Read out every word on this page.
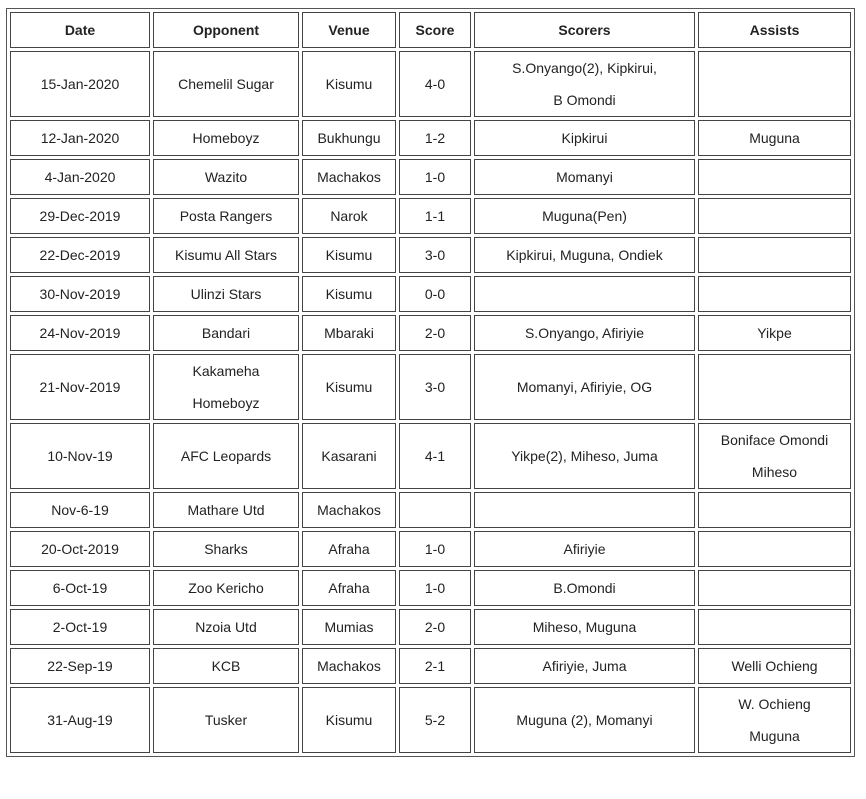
Date	Opponent	Venue	Score	Scorers	Assists
15-Jan-2020	Chemelil Sugar	Kisumu	4-0	S.Onyango(2), Kipkirui,
B Omondi	

12-Jan-2020	Homeboyz	Bukhungu	1-2	Kipkirui	Muguna

4-Jan-2020	Wazito	Machakos	1-0	Momanyi	

29-Dec-2019	Posta Rangers	Narok	1-1	Muguna(Pen)	

22-Dec-2019	Kisumu All Stars	Kisumu	3-0	Kipkirui, Muguna, Ondiek	

30-Nov-2019	Ulinzi Stars	Kisumu	0-0		
24-Nov-2019	Bandari	Mbaraki	2-0	S.Onyango, Afiriyie	Yikpe

21-Nov-2019	Kakameha
Homeboyz	Kisumu	3-0	Momanyi, Afiriyie, OG	

10-Nov-19	AFC Leopards	Kasarani	4-1	Yikpe(2), Miheso, Juma	Boniface Omondi
Miheso

Nov-6-19	Mathare Utd	Machakos			
20-Oct-2019	Sharks	Afraha	1-0	Afiriyie	

6-Oct-19	Zoo Kericho	Afraha	1-0	B.Omondi	

2-Oct-19	Nzoia Utd	Mumias	2-0	Miheso, Muguna	

22-Sep-19	KCB	Machakos	2-1	Afiriyie, Juma	Welli Ochieng

31-Aug-19	Tusker	Kisumu	5-2	Muguna (2), Momanyi	W. Ochieng
Muguna
